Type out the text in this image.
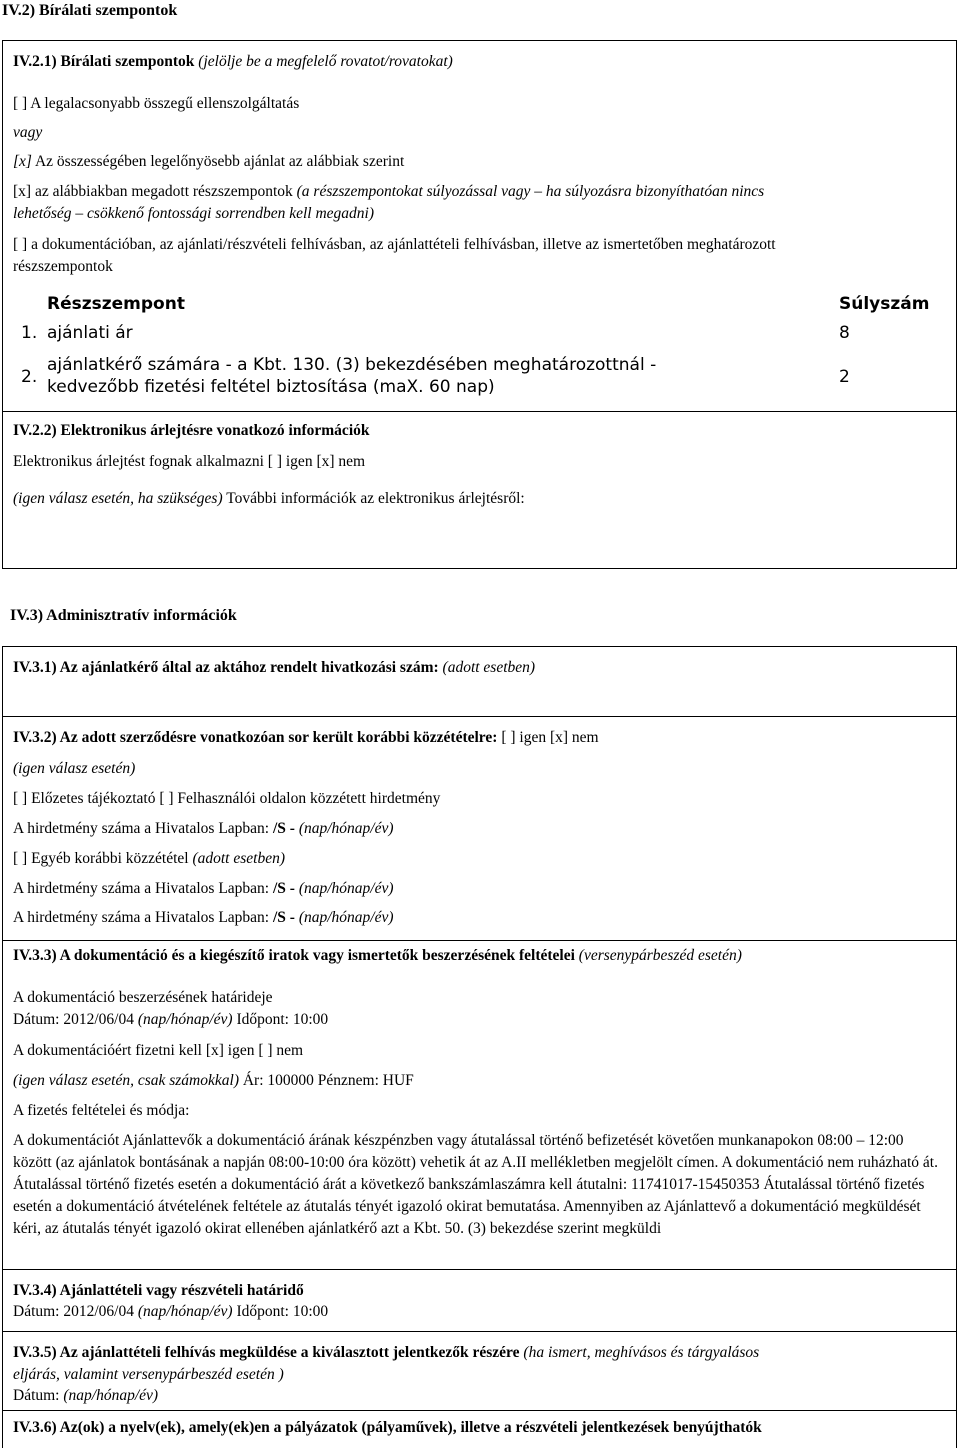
IV.2) Bírálati szempontok
IV.2.1) Bírálati szempontok (jelölje be a megfelelő rovatot/rovatokat)
[ ] A legalacsonyabb összegű ellenszolgáltatás
vagy
[x] Az összességében legelőnyösebb ajánlat az alábbiak szerint
[x] az alábbiakban megadott részszempontok (a részszempontokat súlyozással vagy – ha súlyozásra bizonyíthatóan nincs
lehetőség – csökkenő fontossági sorrendben kell megadni)
[ ] a dokumentációban, az ajánlati/részvételi felhívásban, az ajánlattételi felhívásban, illetve az ismertetőben meghatározott
részszempontok
Részszempont	Súlyszám
1. ajánlati ár	8
2.
ajánlatkérő számára - a Kbt. 130. (3) bekezdésében meghatározottnál -
kedvezőbb fizetési feltétel biztosítása (maX. 60 nap)	2
IV.2.2) Elektronikus árlejtésre vonatkozó információk
Elektronikus árlejtést fognak alkalmazni [ ] igen [x] nem
(igen válasz esetén, ha szükséges) További információk az elektronikus árlejtésről:
IV.3) Adminisztratív információk
IV.3.1) Az ajánlatkérő által az aktához rendelt hivatkozási szám: (adott esetben)
IV.3.2) Az adott szerződésre vonatkozóan sor került korábbi közzétételre: [ ] igen [x] nem
(igen válasz esetén)
[ ] Előzetes tájékoztató [ ] Felhasználói oldalon közzétett hirdetmény
A hirdetmény száma a Hivatalos Lapban: /S - (nap/hónap/év)
[ ] Egyéb korábbi közzététel (adott esetben)
A hirdetmény száma a Hivatalos Lapban: /S - (nap/hónap/év)
A hirdetmény száma a Hivatalos Lapban: /S - (nap/hónap/év)
IV.3.3) A dokumentáció és a kiegészítő iratok vagy ismertetők beszerzésének feltételei (versenypárbeszéd esetén)
A dokumentáció beszerzésének határideje
Dátum: 2012/06/04 (nap/hónap/év) Időpont: 10:00
A dokumentációért fizetni kell [x] igen [ ] nem
(igen válasz esetén, csak számokkal) Ár: 100000 Pénznem: HUF
A fizetés feltételei és módja:
A dokumentációt Ajánlattevők a dokumentáció árának készpénzben vagy átutalással történő befizetését követően munkanapokon 08:00 – 12:00 között (az ajánlatok bontásának a napján 08:00-10:00 óra között) vehetik át az A.II mellékletben megjelölt címen. A dokumentáció nem ruházható át. Átutalással történő fizetés esetén a dokumentáció árát a következő bankszámlaszámra kell átutalni: 11741017-15450353 Átutalással történő fizetés esetén a dokumentáció átvételének feltétele az átutalás tényét igazoló okirat bemutatása. Amennyiben az Ajánlattevő a dokumentáció megküldését kéri, az átutalás tényét igazoló okirat ellenében ajánlatkérő azt a Kbt. 50. (3) bekezdése szerint megküldi
IV.3.4) Ajánlattételi vagy részvételi határidő
Dátum: 2012/06/04 (nap/hónap/év) Időpont: 10:00
IV.3.5) Az ajánlattételi felhívás megküldése a kiválasztott jelentkezők részére (ha ismert, meghívásos és tárgyalásos
eljárás, valamint versenypárbeszéd esetén )
Dátum: (nap/hónap/év)
IV.3.6) Az(ok) a nyelv(ek), amely(ek)en a pályázatok (pályaművek), illetve a részvételi jelentkezések benyújthatók
